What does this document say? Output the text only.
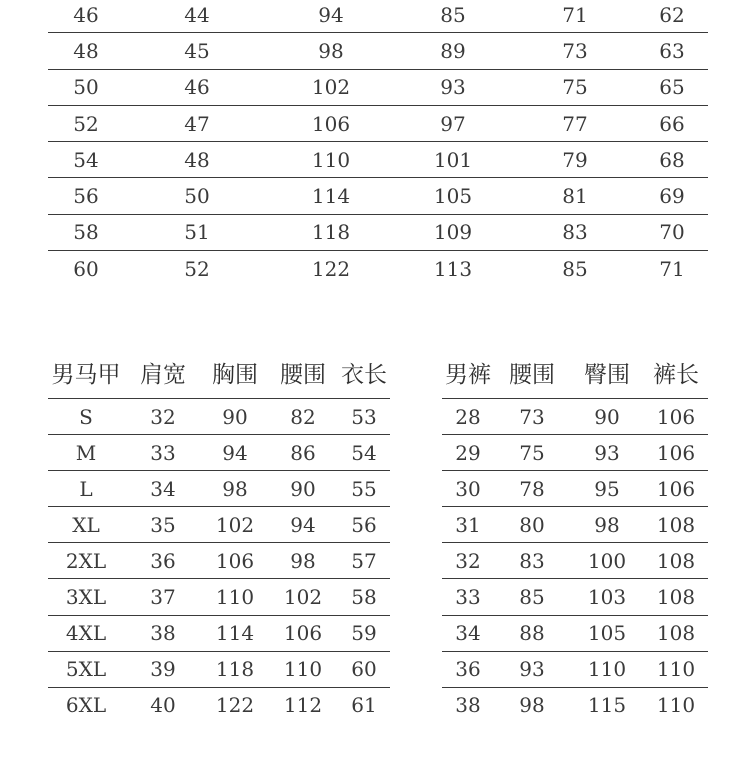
46	44	94	85	71	62
48	45	98	89	73	63
50	46	102	93	75	65
52	47	106	97	77	66
54	48	110	101	79	68
56	50	114	105	81	69
58	51	118	109	83	70
60	52	122	113	85	71
男马甲	肩宽	胸围	腰围	衣长
S	32	90	82	53
M	33	94	86	54
L	34	98	90	55
XL	35	102	94	56
2XL	36	106	98	57
3XL	37	110	102	58
4XL	38	114	106	59
5XL	39	118	110	60
6XL	40	122	112	61
男裤	腰围	臀围	裤长
28	73	90	106
29	75	93	106
30	78	95	106
31	80	98	108
32	83	100	108
33	85	103	108
34	88	105	108
36	93	110	110
38	98	115	110
